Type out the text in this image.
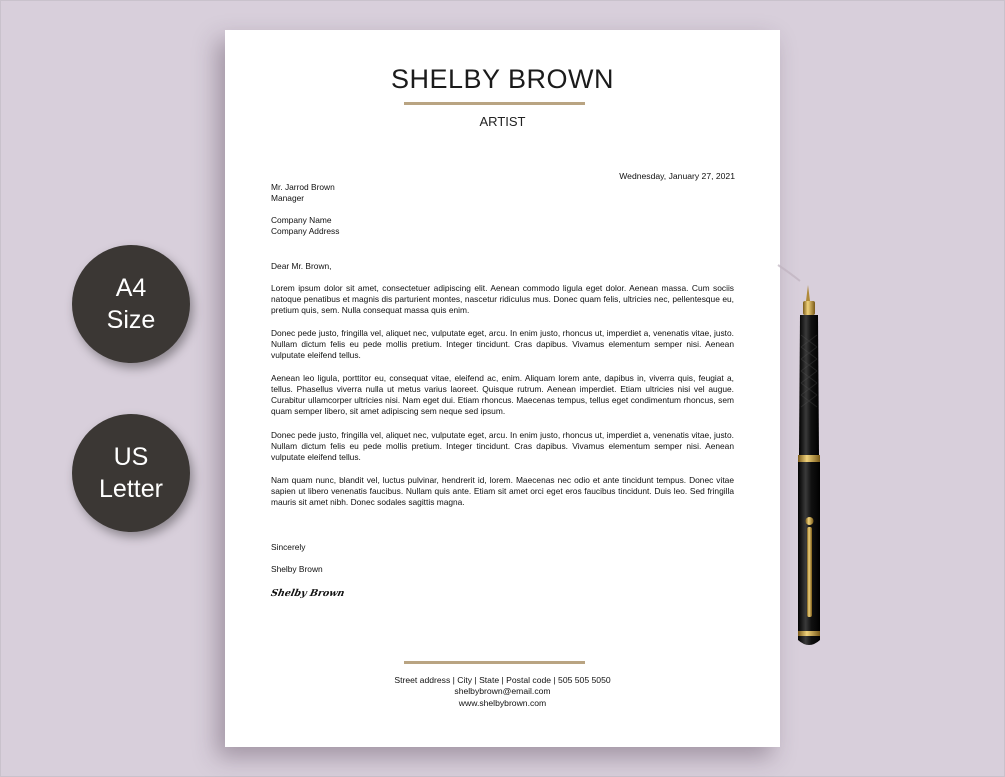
A4
Size
US
Letter
SHELBY BROWN
ARTIST
Wednesday, January 27, 2021
Mr. Jarrod Brown
Manager
Company Name
Company Address
Dear Mr. Brown,

Lorem ipsum dolor sit amet, consectetuer adipiscing elit. Aenean commodo ligula eget dolor. Aenean massa. Cum sociis natoque penatibus et magnis dis parturient montes, nascetur ridiculus mus. Donec quam felis, ultricies nec, pellentesque eu, pretium quis, sem. Nulla consequat massa quis enim.

Donec pede justo, fringilla vel, aliquet nec, vulputate eget, arcu. In enim justo, rhoncus ut, imperdiet a, venenatis vitae, justo. Nullam dictum felis eu pede mollis pretium. Integer tincidunt. Cras dapibus. Vivamus elementum semper nisi. Aenean vulputate eleifend tellus.

Aenean leo ligula, porttitor eu, consequat vitae, eleifend ac, enim. Aliquam lorem ante, dapibus in, viverra quis, feugiat a, tellus. Phasellus viverra nulla ut metus varius laoreet. Quisque rutrum. Aenean imperdiet. Etiam ultricies nisi vel augue. Curabitur ullamcorper ultricies nisi. Nam eget dui. Etiam rhoncus. Maecenas tempus, tellus eget condimentum rhoncus, sem quam semper libero, sit amet adipiscing sem neque sed ipsum.

Donec pede justo, fringilla vel, aliquet nec, vulputate eget, arcu. In enim justo, rhoncus ut, imperdiet a, venenatis vitae, justo. Nullam dictum felis eu pede mollis pretium. Integer tincidunt. Cras dapibus. Vivamus elementum semper nisi. Aenean vulputate eleifend tellus.

Nam quam nunc, blandit vel, luctus pulvinar, hendrerit id, lorem. Maecenas nec odio et ante tincidunt tempus. Donec vitae sapien ut libero venenatis faucibus. Nullam quis ante. Etiam sit amet orci eget eros faucibus tincidunt. Duis leo. Sed fringilla mauris sit amet nibh. Donec sodales sagittis magna.

Sincerely
Shelby Brown
Shelby Brown
Street address | City | State | Postal code | 505 505 5050
shelbybrown@email.com
www.shelbybrown.com
